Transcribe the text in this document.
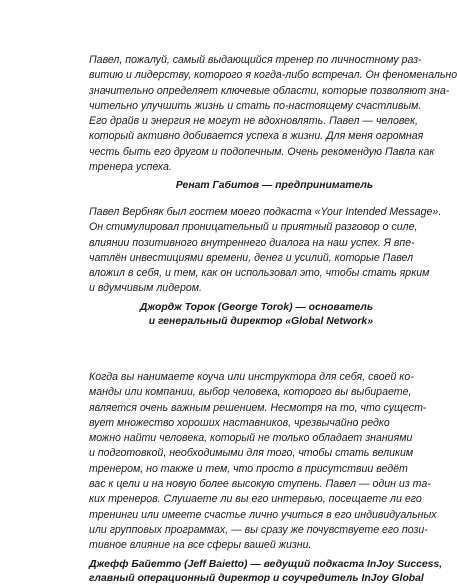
Павел, пожалуй, самый выдающийся тренер по личностному раз-
витию и лидерству, которого я когда-либо встречал. Он феноменально
значительно определяет ключевые области, которые позволяют зна-
чительно улучшить жизнь и стать по-настоящему счастливым.
Его драйв и энергия не могут не вдохновлять. Павел — человек,
который активно добивается успеха в жизни. Для меня огромная
честь быть его другом и подопечным. Очень рекомендую Павла как
тренера успеха.

Ренат Габитов — предприниматель

Павел Вербняк был гостем моего подкаста «Your Intended Message».
Он стимулировал проницательный и приятный разговор о силе,
влиянии позитивного внутреннего диалога на наш успех. Я впе-
чатлён инвестициями времени, денег и усилий, которые Павел
вложил в себя, и тем, как он использовал это, чтобы стать ярким
и вдумчивым лидером.

Джордж Торок (George Torok) — основатель
и генеральный директор «Global Network»

Когда вы нанимаете коуча или инструктора для себя, своей ко-
манды или компании, выбор человека, которого вы выбираете,
является очень важным решением. Несмотря на то, что сущест-
вует множество хороших наставников, чрезвычайно редко
можно найти человека, который не только обладает знаниями
и подготовкой, необходимыми для того, чтобы стать великим
тренером, но также и тем, что просто в присутствии ведёт
вас к цели и на новую более высокую ступень. Павел — один из та-
ких тренеров. Слушаете ли вы его интервью, посещаете ли его
тренинги или имеете счастье лично учиться в его индивидуальных
или групповых программах, — вы сразу же почувствуете его пози-
тивное влияние на все сферы вашей жизни.

Джефф Байетто (Jeff Baietto) — ведущий подкаста InJoy Success,
главный операционный директор и соучредитель InJoy Global
